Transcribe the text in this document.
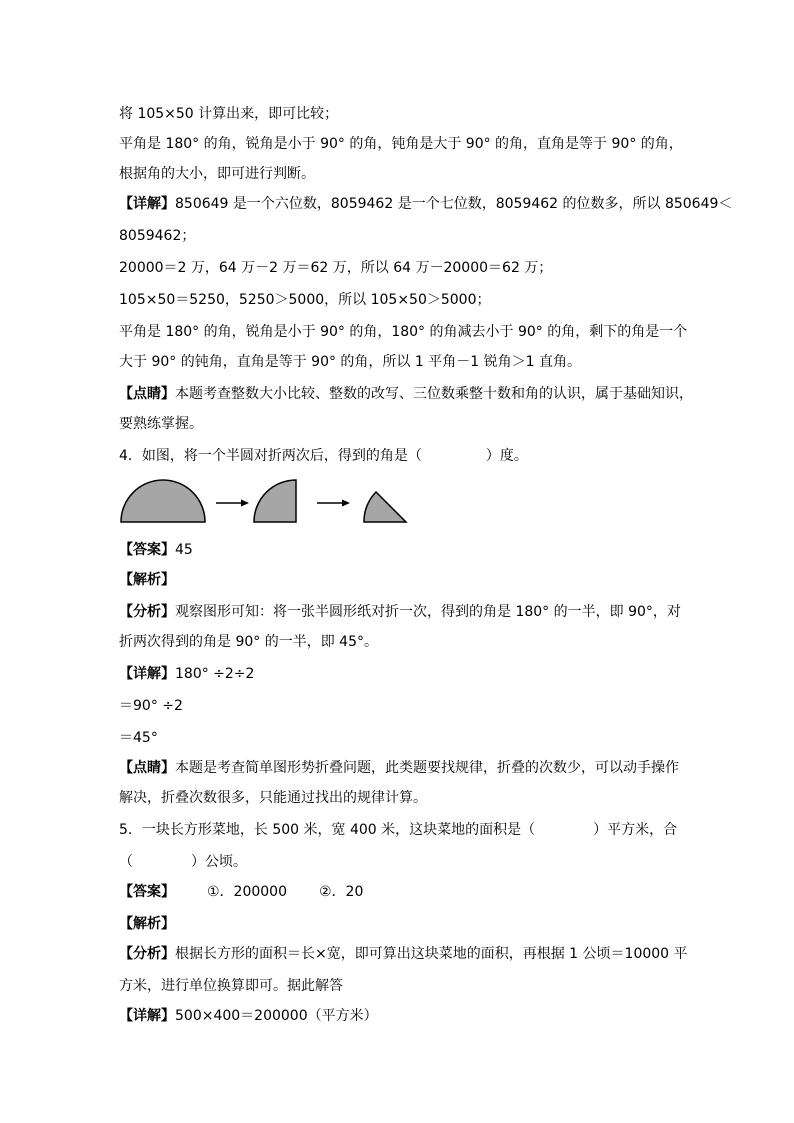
将 105×50 计算出来，即可比较；
平角是 180° 的角，锐角是小于 90° 的角，钝角是大于 90° 的角，直角是等于 90° 的角，
根据角的大小，即可进行判断。
【详解】850649 是一个六位数，8059462 是一个七位数，8059462 的位数多，所以 850649＜
8059462；
20000＝2 万，64 万－2 万＝62 万，所以 64 万－20000＝62 万；
105×50＝5250，5250＞5000，所以 105×50＞5000；
平角是 180° 的角，锐角是小于 90° 的角，180° 的角减去小于 90° 的角，剩下的角是一个
大于 90° 的钝角，直角是等于 90° 的角，所以 1 平角－1 锐角＞1 直角。
【点睛】本题考查整数大小比较、整数的改写、三位数乘整十数和角的认识，属于基础知识，
要熟练掌握。
4．如图，将一个半圆对折两次后，得到的角是（	）度。
【答案】45
【解析】
【分析】观察图形可知：将一张半圆形纸对折一次，得到的角是 180° 的一半，即 90°，对
折两次得到的角是 90° 的一半，即 45°。
【详解】180° ÷2÷2
＝90° ÷2
＝45°
【点睛】本题是考查简单图形势折叠问题，此类题要找规律，折叠的次数少，可以动手操作
解决，折叠次数很多，只能通过找出的规律计算。
5．一块长方形菜地，长 500 米，宽 400 米，这块菜地的面积是（	）平方米，合
（	）公顷。
【答案】 ①．200000 ②．20
【解析】
【分析】根据长方形的面积＝长×宽，即可算出这块菜地的面积，再根据 1 公顷＝10000 平
方米，进行单位换算即可。据此解答
【详解】500×400＝200000（平方米）
